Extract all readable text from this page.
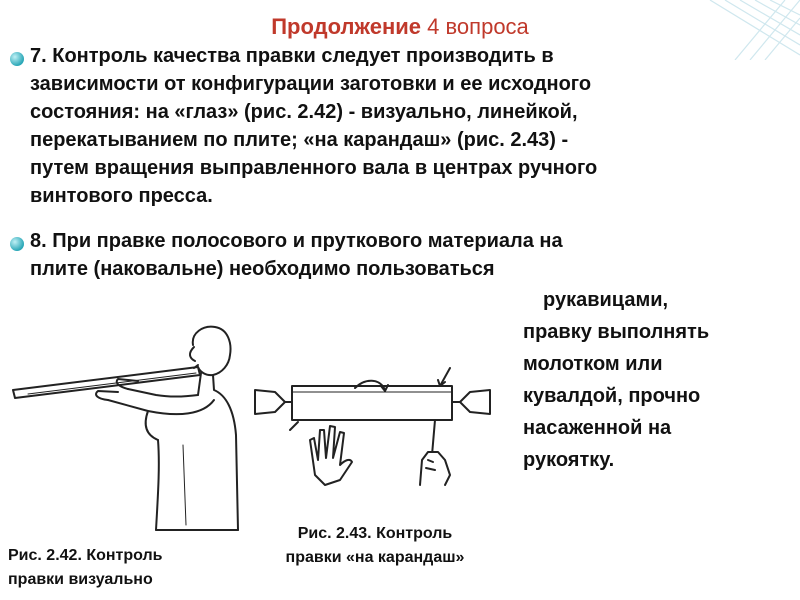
Продолжение 4 вопроса
7. Контроль качества правки следует производить в
зависимости от конфигурации заготовки и ее исходного
состояния: на «глаз» (рис. 2.42) - визуально, линейкой,
перекатыванием по плите; «на карандаш» (рис. 2.43) -
путем вращения выправленного вала в центрах ручного
винтового пресса.
8. При правке полосового и пруткового материала на
плите (наковальне) необходимо пользоваться
рукавицами,
правку выполнять
молотком или
кувалдой, прочно
насаженной на
рукоятку.
Рис. 2.43. Контроль
правки «на карандаш»
Рис. 2.42. Контроль
правки визуально
